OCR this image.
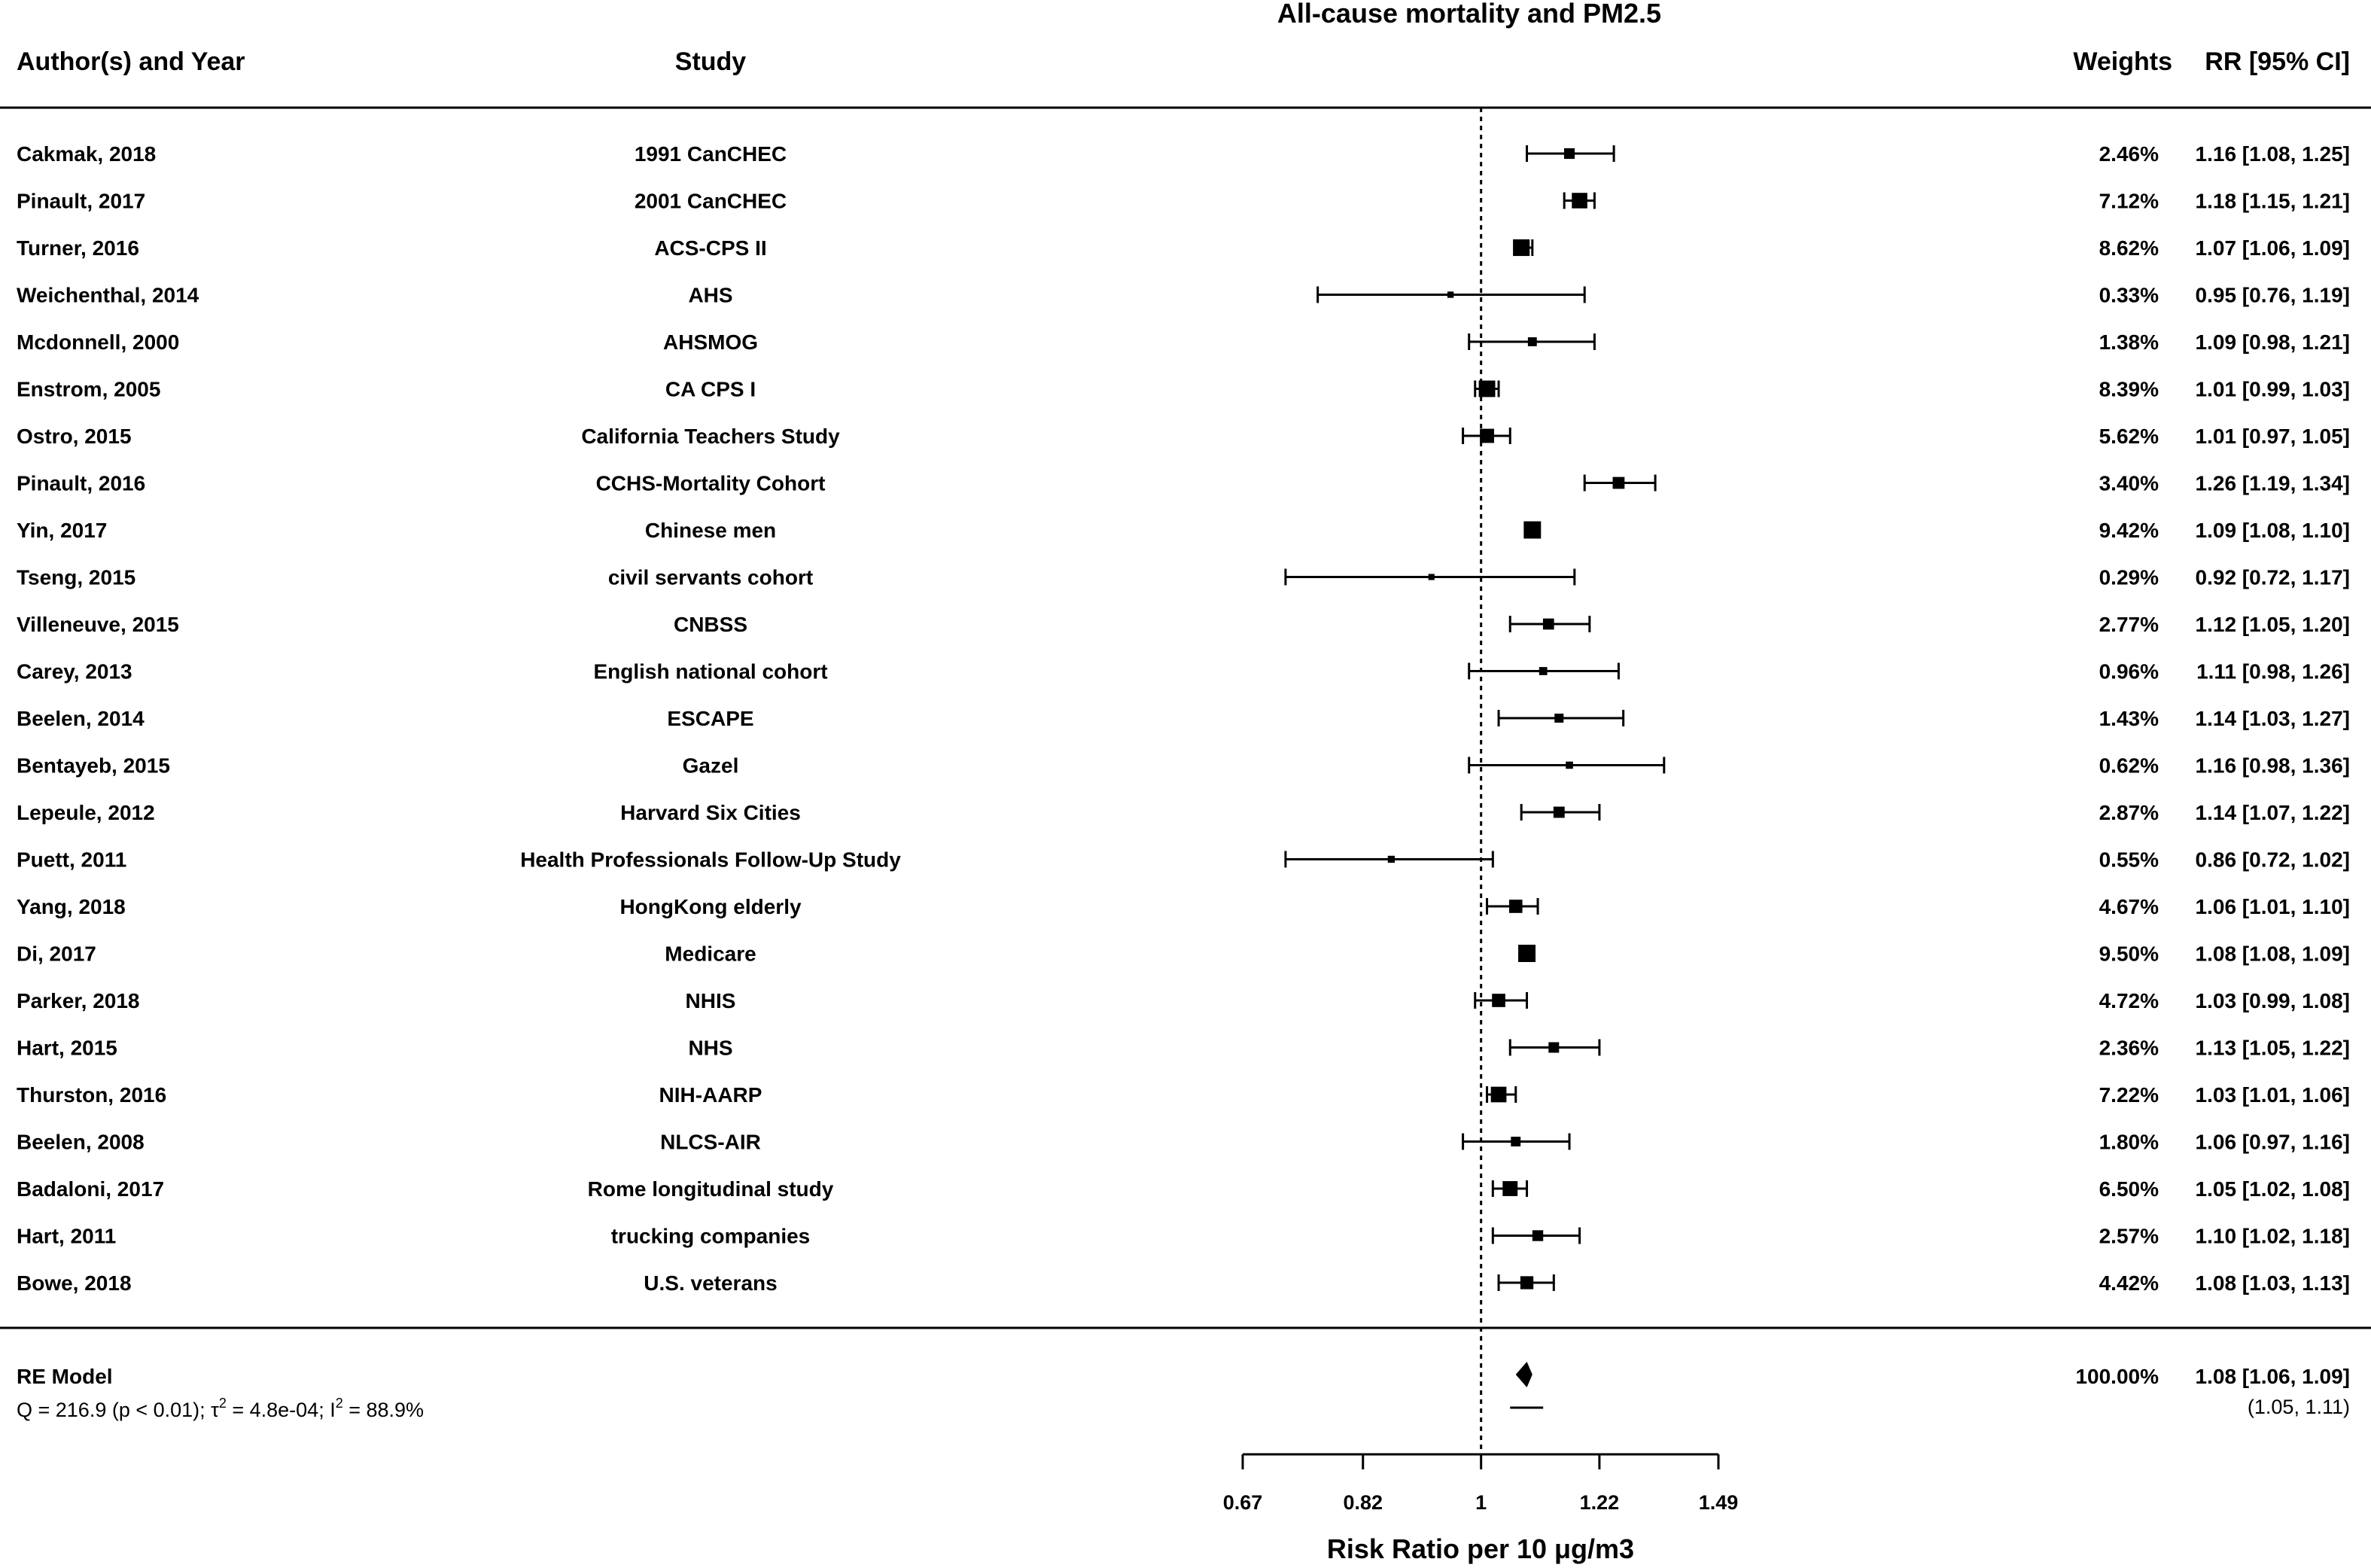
All-cause mortality and PM2.5
Author(s) and Year	Study	Weights RR [95% CI]
Cakmak, 2018	1991 CanCHEC	2.46% 1.16 [1.08, 1.25]
Pinault, 2017	2001 CanCHEC	7.12% 1.18 [1.15, 1.21]
Turner, 2016	ACS-CPS II	8.62% 1.07 [1.06, 1.09]
Weichenthal, 2014	AHS	0.33% 0.95 [0.76, 1.19]
Mcdonnell, 2000	AHSMOG	1.38% 1.09 [0.98, 1.21]
Enstrom, 2005	CA CPS I	8.39% 1.01 [0.99, 1.03]
Ostro, 2015	California Teachers Study	5.62% 1.01 [0.97, 1.05]
Pinault, 2016	CCHS-Mortality Cohort	3.40% 1.26 [1.19, 1.34]
Yin, 2017	Chinese men	9.42% 1.09 [1.08, 1.10]
Tseng, 2015	civil servants cohort	0.29% 0.92 [0.72, 1.17]
Villeneuve, 2015	CNBSS	2.77% 1.12 [1.05, 1.20]
Carey, 2013	English national cohort	0.96% 1.11 [0.98, 1.26]
Beelen, 2014	ESCAPE	1.43% 1.14 [1.03, 1.27]
Bentayeb, 2015	Gazel	0.62% 1.16 [0.98, 1.36]
Lepeule, 2012	Harvard Six Cities	2.87% 1.14 [1.07, 1.22]
Puett, 2011	Health Professionals Follow-Up Study	0.55% 0.86 [0.72, 1.02]
Yang, 2018	HongKong elderly	4.67% 1.06 [1.01, 1.10]
Di, 2017	Medicare	9.50% 1.08 [1.08, 1.09]
Parker, 2018	NHIS	4.72% 1.03 [0.99, 1.08]
Hart, 2015	NHS	2.36% 1.13 [1.05, 1.22]
Thurston, 2016	NIH-AARP	7.22% 1.03 [1.01, 1.06]
Beelen, 2008	NLCS-AIR	1.80% 1.06 [0.97, 1.16]
Badaloni, 2017	Rome longitudinal study	6.50% 1.05 [1.02, 1.08]
Hart, 2011	trucking companies	2.57% 1.10 [1.02, 1.18]
Bowe, 2018	U.S. veterans	4.42% 1.08 [1.03, 1.13]
RE Model
Q = 216.9 (p < 0.01); $\tau^2 = 4.8e-04$; $I^2 = 88.9\%$
100.00% 1.08 [1.06, 1.09]
(1.05, 1.11)
0.67	0.82	1	1.22	1.49
Risk Ratio per 10 μg/m3
